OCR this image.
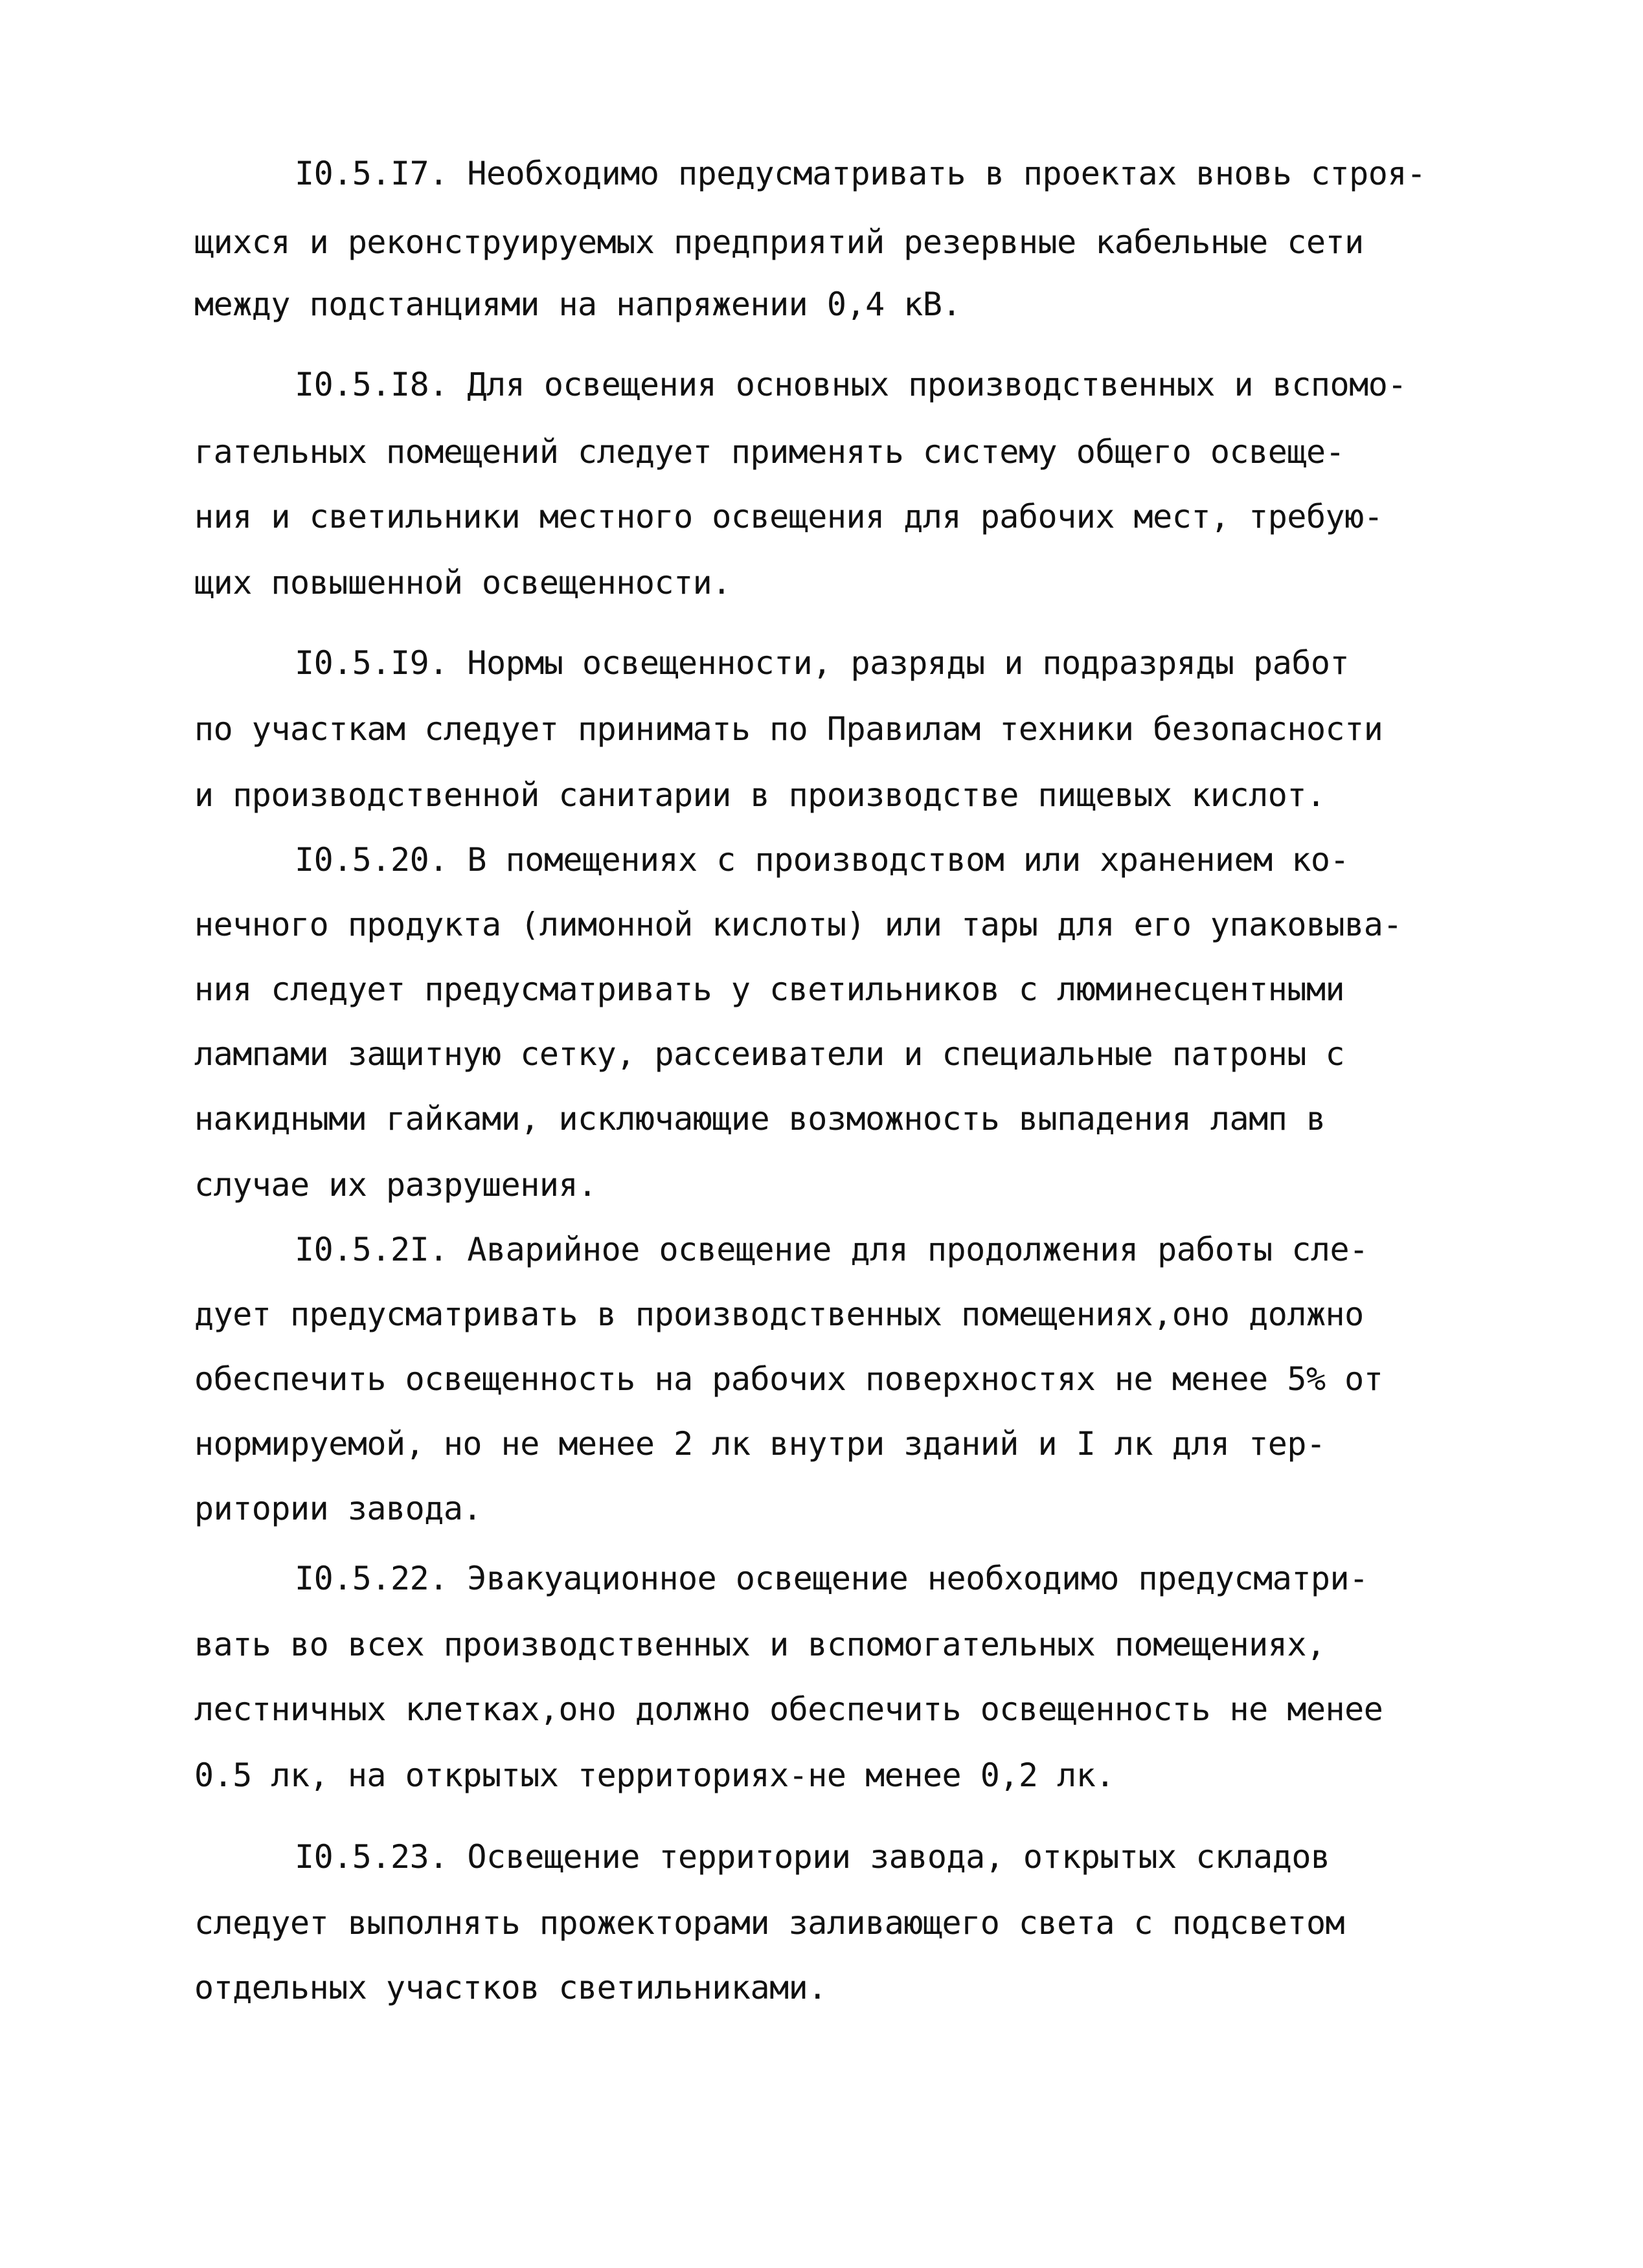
I0.5.I7. Необходимо предусматривать в проектах вновь строя-
щихся и реконструируемых предприятий резервные кабельные сети
между подстанциями на напряжении 0,4 кВ.
I0.5.I8. Для освещения основных производственных и вспомо-
гательных помещений следует применять систему общего освеще-
ния и светильники местного освещения для рабочих мест, требую-
щих повышенной освещенности.
I0.5.I9. Нормы освещенности, разряды и подразряды работ
по участкам следует принимать по Правилам техники безопасности
и производственной санитарии в производстве пищевых кислот.
I0.5.20. В помещениях с производством или хранением ко-
нечного продукта (лимонной кислоты) или тары для его упаковыва-
ния следует предусматривать у светильников с люминесцентными
лампами защитную сетку, рассеиватели и специальные патроны с
накидными гайками, исключающие возможность выпадения ламп в
случае их разрушения.
I0.5.2I. Аварийное освещение для продолжения работы сле-
дует предусматривать в производственных помещениях,оно должно
обеспечить освещенность на рабочих поверхностях не менее 5% от
нормируемой, но не менее 2 лк внутри зданий и I лк для тер-
ритории завода.
I0.5.22. Эвакуационное освещение необходимо предусматри-
вать во всех производственных и вспомогательных помещениях,
лестничных клетках,оно должно обеспечить освещенность не менее
0.5 лк, на открытых территориях-не менее 0,2 лк.
I0.5.23. Освещение территории завода, открытых складов
следует выполнять прожекторами заливающего света с подсветом
отдельных участков светильниками.
